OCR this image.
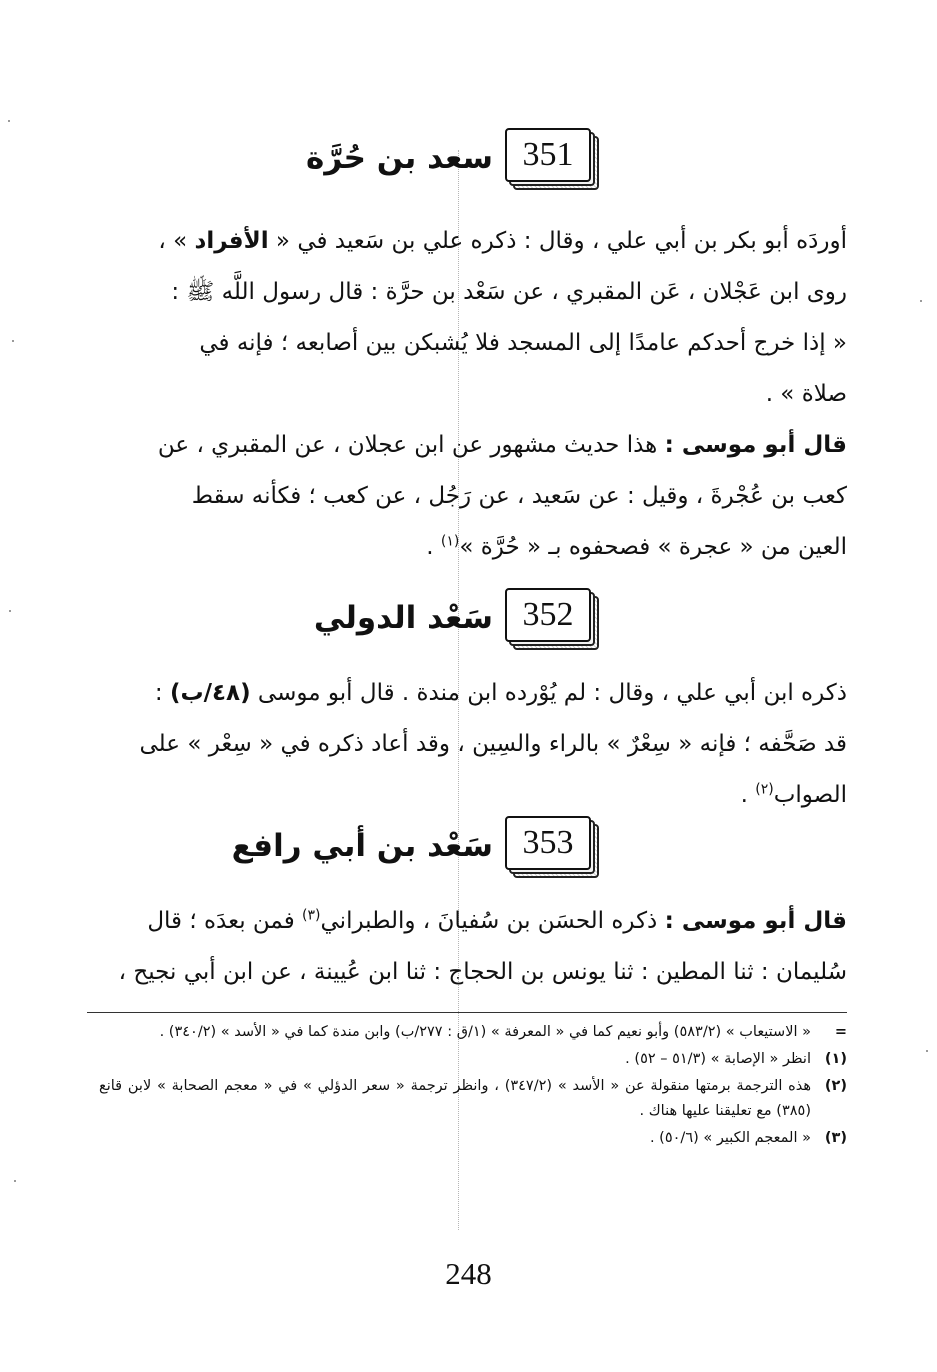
351
سعد بن حُرَّة
أوردَه أبو بكر بن أبي علي ، وقال : ذكره علي بن سَعيد في « الأفراد » ،
روى ابن عَجْلان ، عَن المقبري ، عن سَعْد بن حرَّة : قال رسول اللَّه ﷺ :
« إذا خرج أحدكم عامدًا إلى المسجد فلا يُشبكن بين أصابعه ؛ فإنه في
صلاة » .
قال أبو موسى : هذا حديث مشهور عن ابن عجلان ، عن المقبري ، عن
كعب بن عُجْرةَ ، وقيل : عن سَعيد ، عن رَجُل ، عن كعب ؛ فكأنه سقط
العين من « عجرة » فصحفوه بـ « حُرَّة »$^{(١)}$ .
352
سَعْد الدولي
ذكره ابن أبي علي ، وقال : لم يُوْرده ابن مندة . قال أبو موسى (٤٨/ب) :
قد صَحَّفه ؛ فإنه « سِعْرٌ » بالراء والسِين ، وقد أعاد ذكره في « سِعْر » على
الصواب$^{(٢)}$ .
353
سَعْد بن أبي رافع
قال أبو موسى : ذكره الحسَن بن سُفيانَ ، والطبراني$^{(٣)}$ فمن بعدَه ؛ قال
سُليمان : ثنا المطين : ثنا يونس بن الحجاج : ثنا ابن عُيينة ، عن ابن أبي نجيح ،
=
« الاستيعاب » (٥٨٣/٢) وأبو نعيم كما في « المعرفة » (١/ق : ٢٧٧/ب) وابن مندة كما في « الأسد » (٣٤٠/٢) .
(١)
انظر « الإصابة » (٥١/٣ – ٥٢) .
(٢)
هذه الترجمة برمتها منقولة عن « الأسد » (٣٤٧/٢) ، وانظر ترجمة « سعر الدؤلي » في « معجم الصحابة » لابن قانع (٣٨٥) مع تعليقنا عليها هناك .
(٣)
« المعجم الكبير » (٥٠/٦) .
248
